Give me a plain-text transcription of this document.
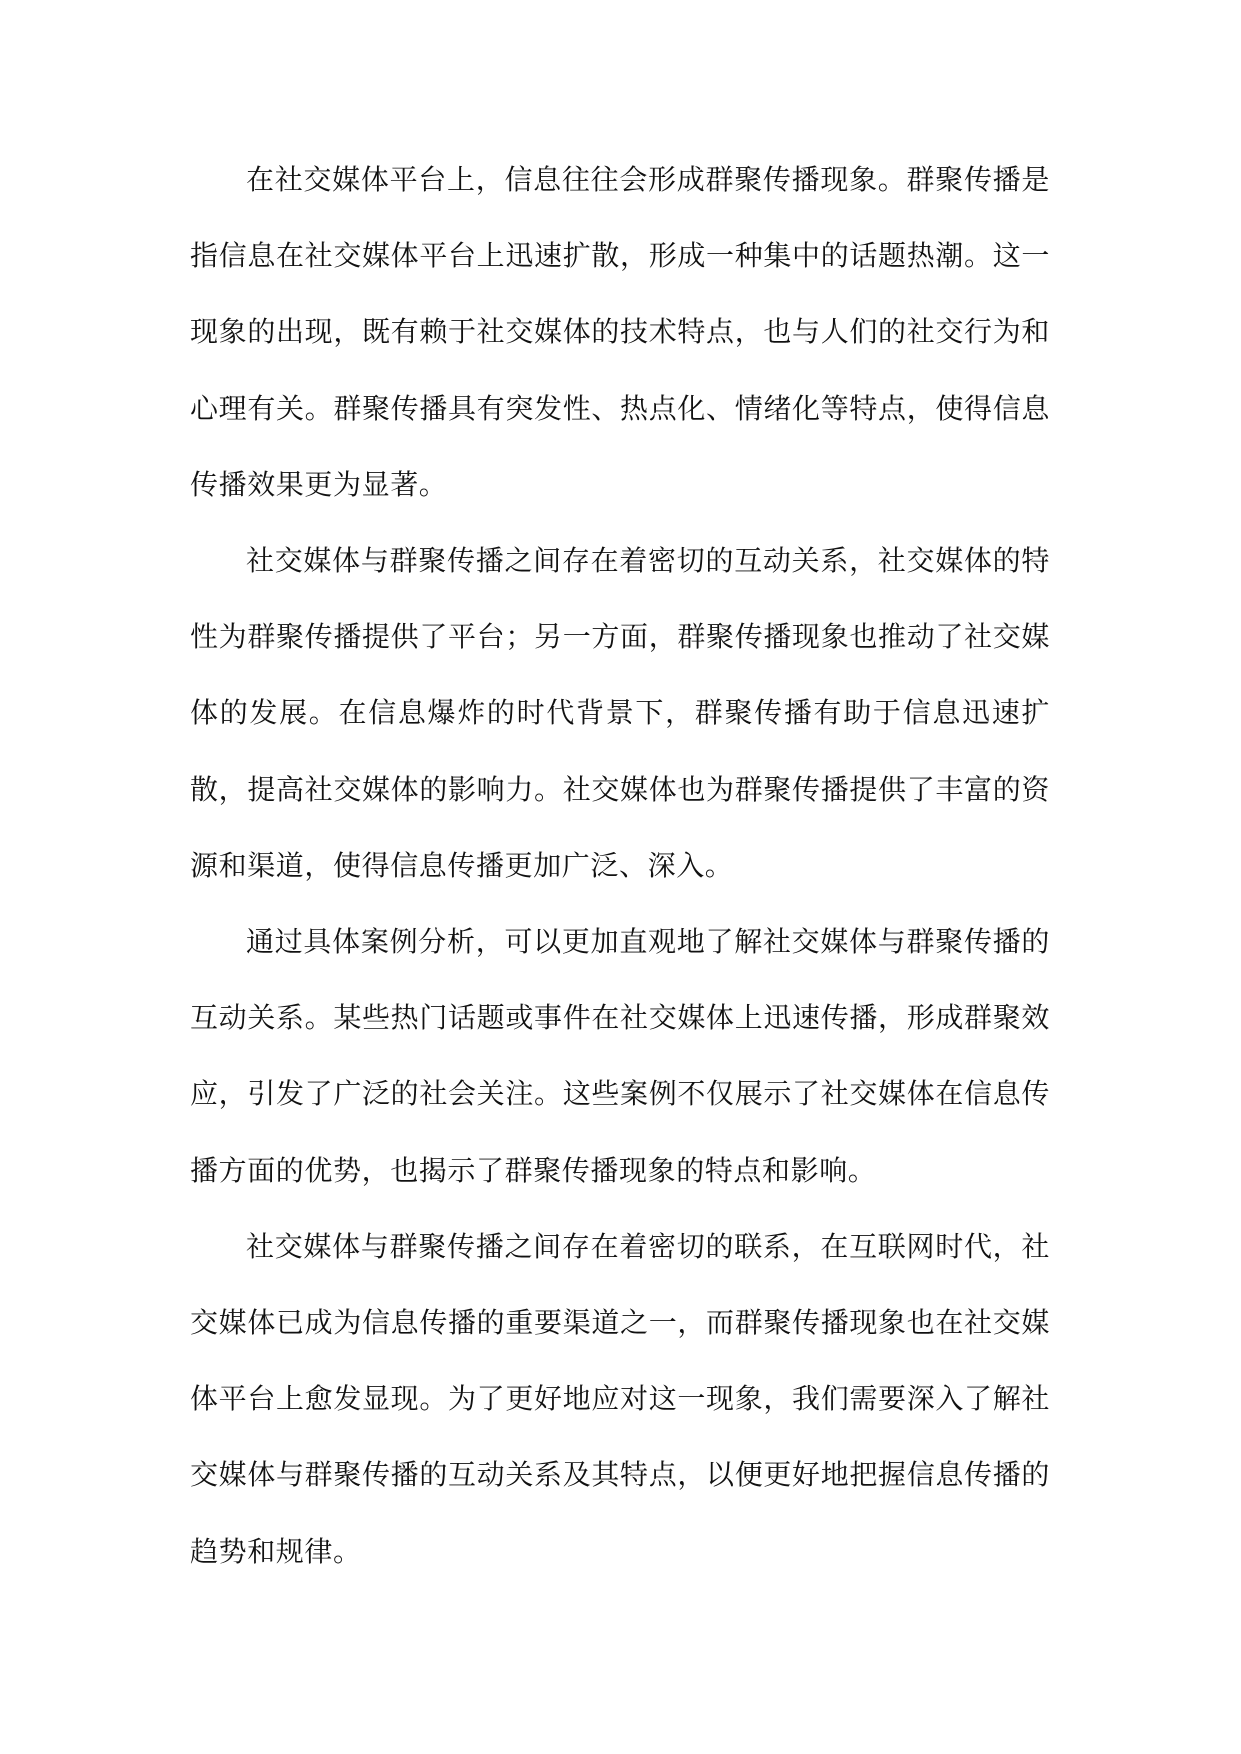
在社交媒体平台上，信息往往会形成群聚传播现象。群聚传播是指信息在社交媒体平台上迅速扩散，形成一种集中的话题热潮。这一现象的出现，既有赖于社交媒体的技术特点，也与人们的社交行为和心理有关。群聚传播具有突发性、热点化、情绪化等特点，使得信息传播效果更为显著。

社交媒体与群聚传播之间存在着密切的互动关系，社交媒体的特性为群聚传播提供了平台；另一方面，群聚传播现象也推动了社交媒体的发展。在信息爆炸的时代背景下，群聚传播有助于信息迅速扩散，提高社交媒体的影响力。社交媒体也为群聚传播提供了丰富的资源和渠道，使得信息传播更加广泛、深入。

通过具体案例分析，可以更加直观地了解社交媒体与群聚传播的互动关系。某些热门话题或事件在社交媒体上迅速传播，形成群聚效应，引发了广泛的社会关注。这些案例不仅展示了社交媒体在信息传播方面的优势，也揭示了群聚传播现象的特点和影响。

社交媒体与群聚传播之间存在着密切的联系，在互联网时代，社交媒体已成为信息传播的重要渠道之一，而群聚传播现象也在社交媒体平台上愈发显现。为了更好地应对这一现象，我们需要深入了解社交媒体与群聚传播的互动关系及其特点，以便更好地把握信息传播的趋势和规律。
